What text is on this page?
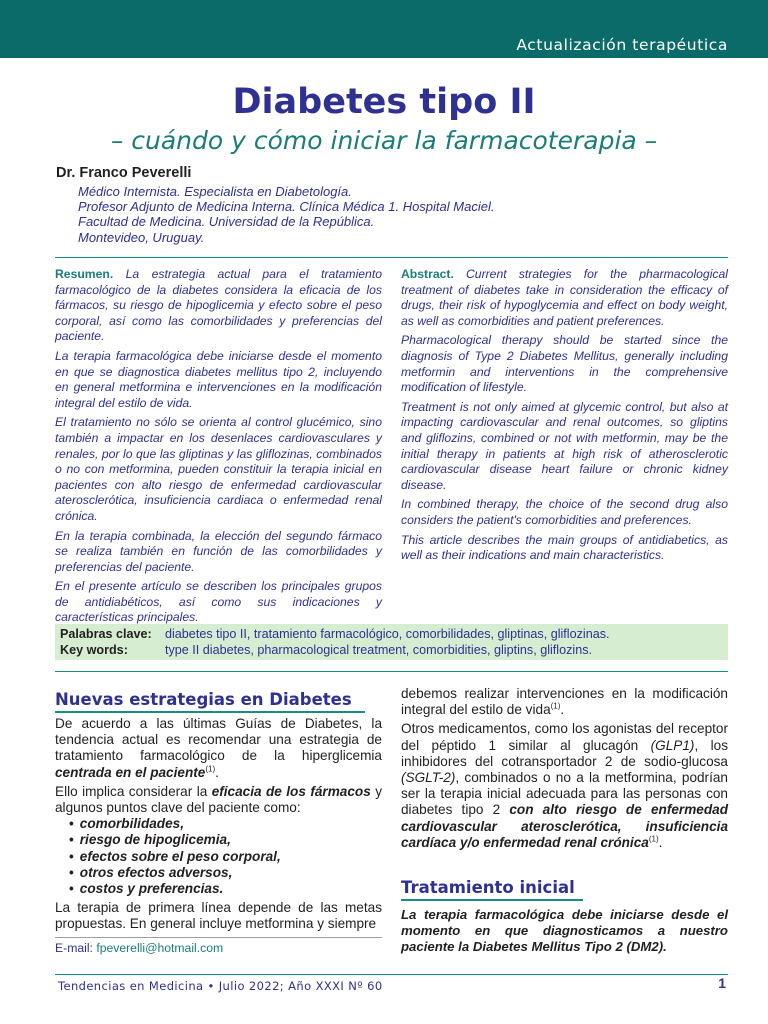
Actualización terapéutica
Diabetes tipo II
– cuándo y cómo iniciar la farmacoterapia –
Dr. Franco Peverelli
Médico Internista. Especialista en Diabetología.
Profesor Adjunto de Medicina Interna. Clínica Médica 1. Hospital Maciel.
Facultad de Medicina. Universidad de la República.
Montevideo, Uruguay.

Resumen. La estrategia actual para el tratamiento farmacológico de la diabetes considera la eficacia de los fármacos, su riesgo de hipoglicemia y efecto sobre el peso corporal, así como las comorbilidades y preferencias del paciente.

La terapia farmacológica debe iniciarse desde el momento en que se diagnostica diabetes mellitus tipo 2, incluyendo en general metformina e intervenciones en la modificación integral del estilo de vida.

El tratamiento no sólo se orienta al control glucémico, sino también a impactar en los desenlaces cardiovasculares y renales, por lo que las gliptinas y las gliflozinas, combinados o no con metformina, pueden constituir la terapia inicial en pacientes con alto riesgo de enfermedad cardiovascular aterosclerótica, insuficiencia cardiaca o enfermedad renal crónica.

En la terapia combinada, la elección del segundo fármaco se realiza también en función de las comorbilidades y preferencias del paciente.

En el presente artículo se describen los principales grupos de antidiabéticos, así como sus indicaciones y características principales.

Abstract. Current strategies for the pharmacological treatment of diabetes take in consideration the efficacy of drugs, their risk of hypoglycemia and effect on body weight, as well as comorbidities and patient preferences.

Pharmacological therapy should be started since the diagnosis of Type 2 Diabetes Mellitus, generally including metformin and interventions in the comprehensive modification of lifestyle.

Treatment is not only aimed at glycemic control, but also at impacting cardiovascular and renal outcomes, so gliptins and gliflozins, combined or not with metformin, may be the initial therapy in patients at high risk of atherosclerotic cardiovascular disease heart failure or chronic kidney disease.

In combined therapy, the choice of the second drug also considers the patient's comorbidities and preferences.

This article describes the main groups of antidiabetics, as well as their indications and main characteristics.

Palabras clave: diabetes tipo II, tratamiento farmacológico, comorbilidades, gliptinas, gliflozinas.
Key words:	type II diabetes, pharmacological treatment, comorbidities, gliptins, gliflozins.
Nuevas estrategias en Diabetes

De acuerdo a las últimas Guías de Diabetes, la tendencia actual es recomendar una estrategia de tratamiento farmacológico de la hiperglicemia centrada en el paciente$^{(1)}$.

Ello implica considerar la eficacia de los fármacos y algunos puntos clave del paciente como:

• comorbilidades,
• riesgo de hipoglicemia,
• efectos sobre el peso corporal,
• otros efectos adversos,
• costos y preferencias.

La terapia de primera línea depende de las metas propuestas. En general incluye metformina y siempre

E-mail: fpeverelli@hotmail.com

debemos realizar intervenciones en la modificación integral del estilo de vida$^{(1)}$.

Otros medicamentos, como los agonistas del receptor del péptido 1 similar al glucagón (GLP1), los inhibidores del cotransportador 2 de sodio-glucosa (SGLT-2), combinados o no a la metformina, podrían ser la terapia inicial adecuada para las personas con diabetes tipo 2 con alto riesgo de enfermedad cardiovascular aterosclerótica, insuficiencia cardíaca y/o enfermedad renal crónica$^{(1)}$.

Tratamiento inicial
La terapia farmacológica debe iniciarse desde el momento en que diagnosticamos a nuestro paciente la Diabetes Mellitus Tipo 2 (DM2).
Tendencias en Medicina • Julio 2022; Año XXXI Nº 60	1
